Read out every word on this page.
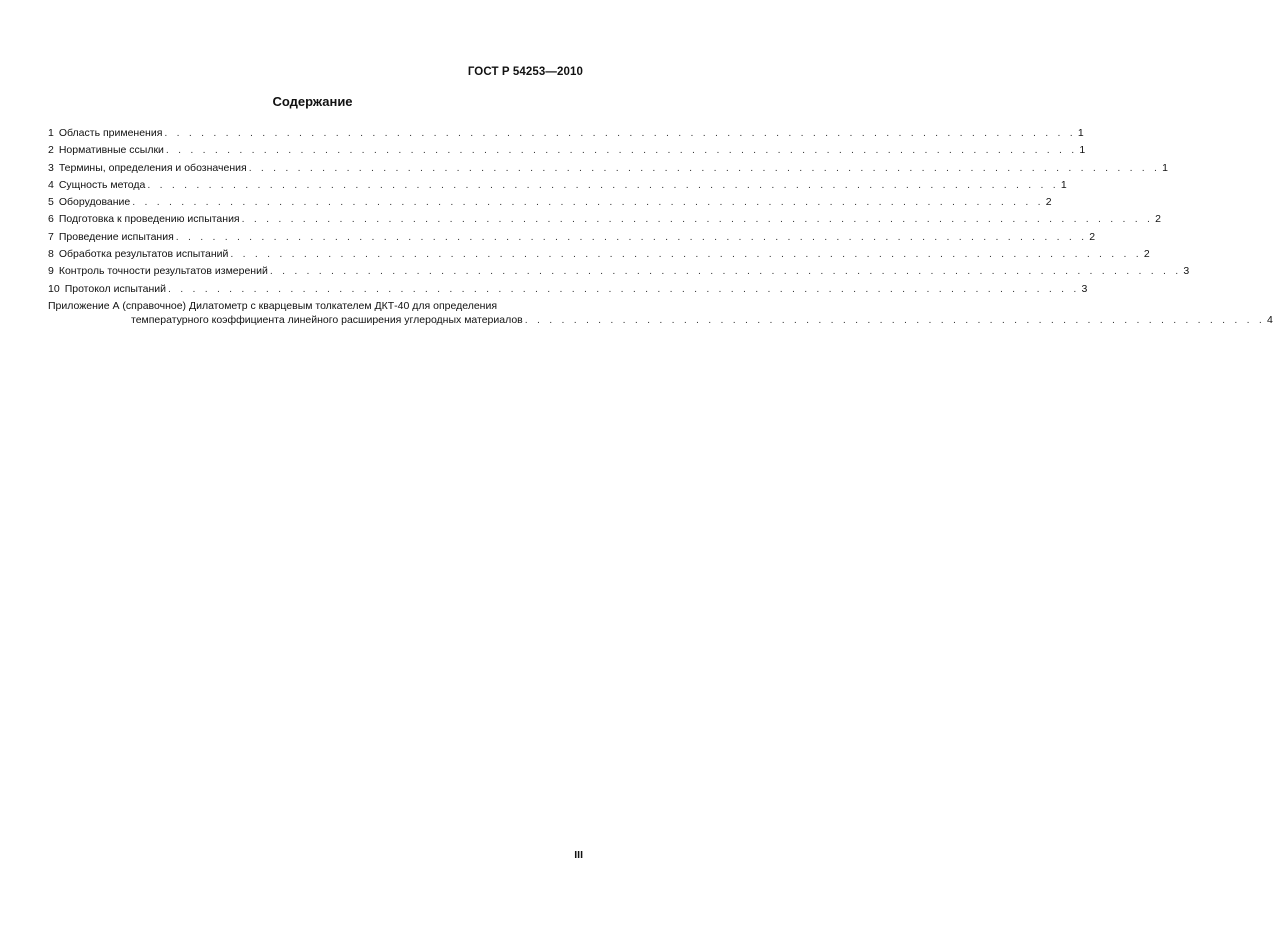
ГОСТ Р 54253—2010
Содержание
1 Область применения . . . . . . . . . . . . . . . . . . . . . . . . . . . . . . . . . . . . . . . . . . . . . . . . . . . . . . . . . . . . . . . . . . . . . . . . . . . 1
2 Нормативные ссылки . . . . . . . . . . . . . . . . . . . . . . . . . . . . . . . . . . . . . . . . . . . . . . . . . . . . . . . . . . . . . . . . . . . . . . . . . . . 1
3 Термины, определения и обозначения . . . . . . . . . . . . . . . . . . . . . . . . . . . . . . . . . . . . . . . . . . . . . . . . . . . . . . . . . . . . . . . . . . . . . . . . . . . 1
4 Сущность метода . . . . . . . . . . . . . . . . . . . . . . . . . . . . . . . . . . . . . . . . . . . . . . . . . . . . . . . . . . . . . . . . . . . . . . . . . . . 1
5 Оборудование . . . . . . . . . . . . . . . . . . . . . . . . . . . . . . . . . . . . . . . . . . . . . . . . . . . . . . . . . . . . . . . . . . . . . . . . . . . 2
6 Подготовка к проведению испытания . . . . . . . . . . . . . . . . . . . . . . . . . . . . . . . . . . . . . . . . . . . . . . . . . . . . . . . . . . . . . . . . . . . . . . . . . . . 2
7 Проведение испытания . . . . . . . . . . . . . . . . . . . . . . . . . . . . . . . . . . . . . . . . . . . . . . . . . . . . . . . . . . . . . . . . . . . . . . . . . . . 2
8 Обработка результатов испытаний . . . . . . . . . . . . . . . . . . . . . . . . . . . . . . . . . . . . . . . . . . . . . . . . . . . . . . . . . . . . . . . . . . . . . . . . . . . 2
9 Контроль точности результатов измерений . . . . . . . . . . . . . . . . . . . . . . . . . . . . . . . . . . . . . . . . . . . . . . . . . . . . . . . . . . . . . . . . . . . . . . . . . . . 3
10 Протокол испытаний . . . . . . . . . . . . . . . . . . . . . . . . . . . . . . . . . . . . . . . . . . . . . . . . . . . . . . . . . . . . . . . . . . . . . . . . . . . 3
Приложение А (справочное) Дилатометр с кварцевым толкателем ДКТ-40 для определения
температурного коэффициента линейного расширения углеродных материалов . . . . . . . . . . . . . . . . . . . . . . . . . . . . . . . . . . . . . . . . . . . . . . . . . . . . . . . . . . . . . 4
III
